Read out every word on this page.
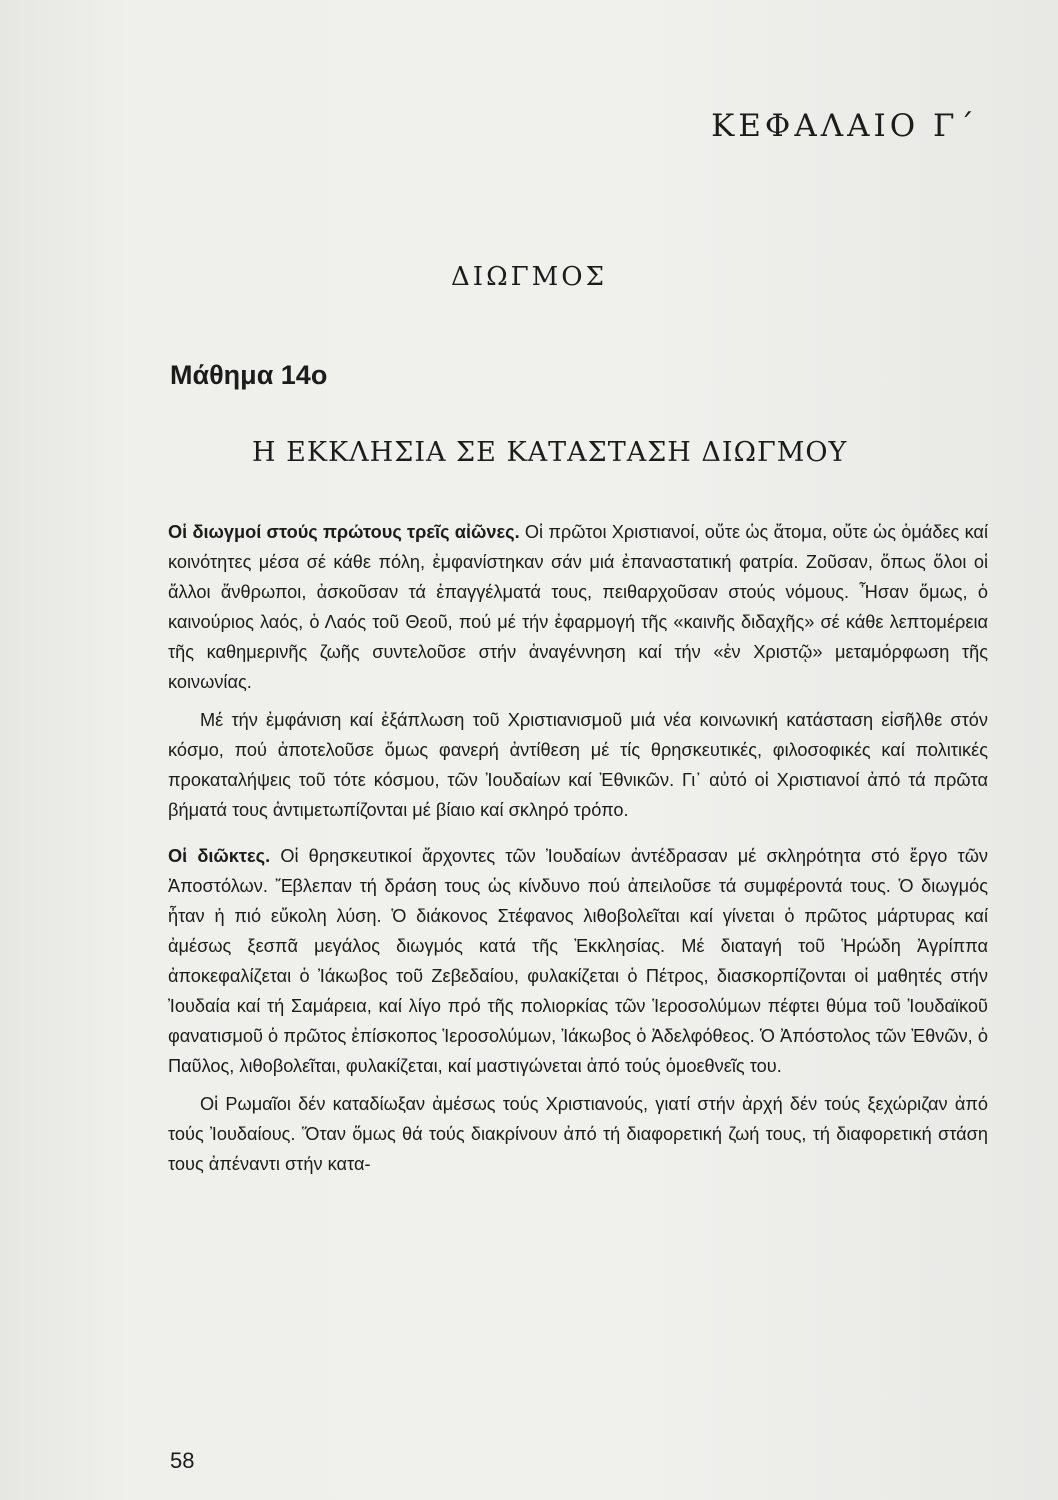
ΚΕΦΑΛΑΙΟ Γ΄
ΔΙΩΓΜΟΣ
Μάθημα 14ο
Η ΕΚΚΛΗΣΙΑ ΣΕ ΚΑΤΑΣΤΑΣΗ ΔΙΩΓΜΟΥ

Οἱ διωγμοί στούς πρώτους τρεῖς αἰῶνες. Οἱ πρῶτοι Χριστιανοί, οὔτε ὡς ἄτομα, οὔτε ὡς ὁμάδες καί κοινότητες μέσα σέ κάθε πόλη, ἐμφανίστηκαν σάν μιά ἐπαναστατική φατρία. Ζοῦσαν, ὅπως ὅλοι οἱ ἄλλοι ἄνθρωποι, ἀσκοῦσαν τά ἐπαγγέλματά τους, πειθαρχοῦσαν στούς νόμους. Ἦσαν ὅμως, ὁ καινούριος λαός, ὁ Λαός τοῦ Θεοῦ, πού μέ τήν ἐφαρμογή τῆς «καινῆς διδαχῆς» σέ κάθε λεπτομέρεια τῆς καθημερινῆς ζωῆς συντελοῦσε στήν ἀναγέννηση καί τήν «ἐν Χριστῷ» μεταμόρφωση τῆς κοινωνίας.

Μέ τήν ἐμφάνιση καί ἐξάπλωση τοῦ Χριστιανισμοῦ μιά νέα κοινωνική κατάσταση εἰσῆλθε στόν κόσμο, πού ἀποτελοῦσε ὅμως φανερή ἀντίθεση μέ τίς θρησκευτικές, φιλοσοφικές καί πολιτικές προκαταλήψεις τοῦ τότε κόσμου, τῶν Ἰουδαίων καί Ἐθνικῶν. Γι᾽ αὐτό οἱ Χριστιανοί ἀπό τά πρῶτα βήματά τους ἀντιμετωπίζονται μέ βίαιο καί σκληρό τρόπο.

Οἱ διῶκτες. Οἱ θρησκευτικοί ἄρχοντες τῶν Ἰουδαίων ἀντέδρασαν μέ σκληρότητα στό ἔργο τῶν Ἀποστόλων. Ἔβλεπαν τή δράση τους ὡς κίνδυνο πού ἀπειλοῦσε τά συμφέροντά τους. Ὁ διωγμός ἦταν ἡ πιό εὔκολη λύση. Ὁ διάκονος Στέφανος λιθοβολεῖται καί γίνεται ὁ πρῶτος μάρτυρας καί ἀμέσως ξεσπᾶ μεγάλος διωγμός κατά τῆς Ἐκκλησίας. Μέ διαταγή τοῦ Ἡρώδη Ἀγρίππα ἀποκεφαλίζεται ὁ Ἰάκωβος τοῦ Ζεβεδαίου, φυλακίζεται ὁ Πέτρος, διασκορπίζονται οἱ μαθητές στήν Ἰουδαία καί τή Σαμάρεια, καί λίγο πρό τῆς πολιορκίας τῶν Ἱεροσολύμων πέφτει θύμα τοῦ Ἰουδαϊκοῦ φανατισμοῦ ὁ πρῶτος ἐπίσκοπος Ἱεροσολύμων, Ἰάκωβος ὁ Ἀδελφόθεος. Ὁ Ἀπόστολος τῶν Ἐθνῶν, ὁ Παῦλος, λιθοβολεῖται, φυλακίζεται, καί μαστιγώνεται ἀπό τούς ὁμοεθνεῖς του.

Οἱ Ρωμαῖοι δέν καταδίωξαν ἀμέσως τούς Χριστιανούς, γιατί στήν ἀρχή δέν τούς ξεχώριζαν ἀπό τούς Ἰουδαίους. Ὅταν ὅμως θά τούς διακρίνουν ἀπό τή διαφορετική ζωή τους, τή διαφορετική στάση τους ἀπέναντι στήν κατα-

58
